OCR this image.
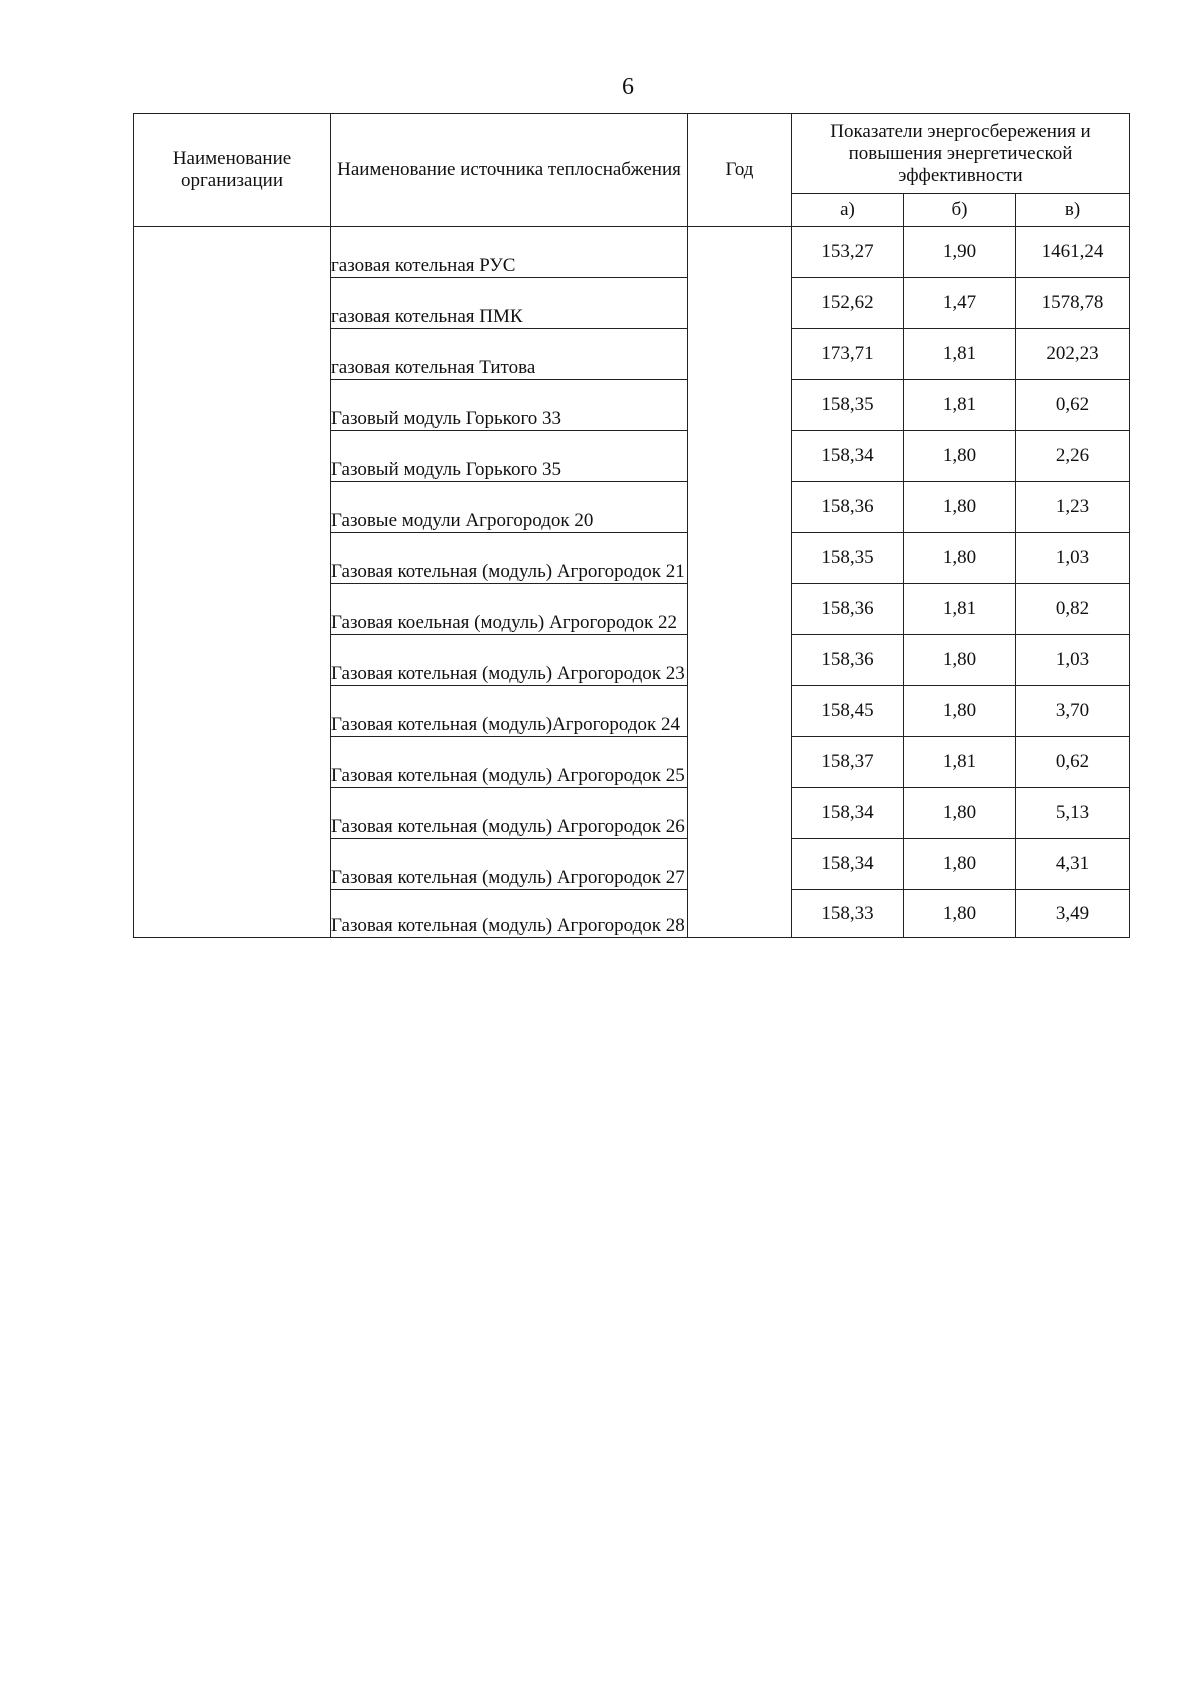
6
Наименование организации	Наименование источника теплоснабжения	Год	Показатели энергосбережения и повышения энергетической эффективности		
			а)	б)	в)
	газовая котельная РУС		153,27	1,90	1461,24
	газовая котельная ПМК		152,62	1,47	1578,78
	газовая котельная Титова		173,71	1,81	202,23
	Газовый модуль Горького 33		158,35	1,81	0,62
	Газовый модуль Горького 35		158,34	1,80	2,26
	Газовые модули Агрогородок 20		158,36	1,80	1,23
	Газовая котельная (модуль) Агрогородок 21		158,35	1,80	1,03
	Газовая коельная (модуль) Агрогородок 22		158,36	1,81	0,82
	Газовая котельная (модуль) Агрогородок 23		158,36	1,80	1,03
	Газовая котельная (модуль)Агрогородок 24		158,45	1,80	3,70
	Газовая котельная (модуль) Агрогородок 25		158,37	1,81	0,62
	Газовая котельная (модуль) Агрогородок 26		158,34	1,80	5,13
	Газовая котельная (модуль) Агрогородок 27		158,34	1,80	4,31
	Газовая котельная (модуль) Агрогородок 28		158,33	1,80	3,49
